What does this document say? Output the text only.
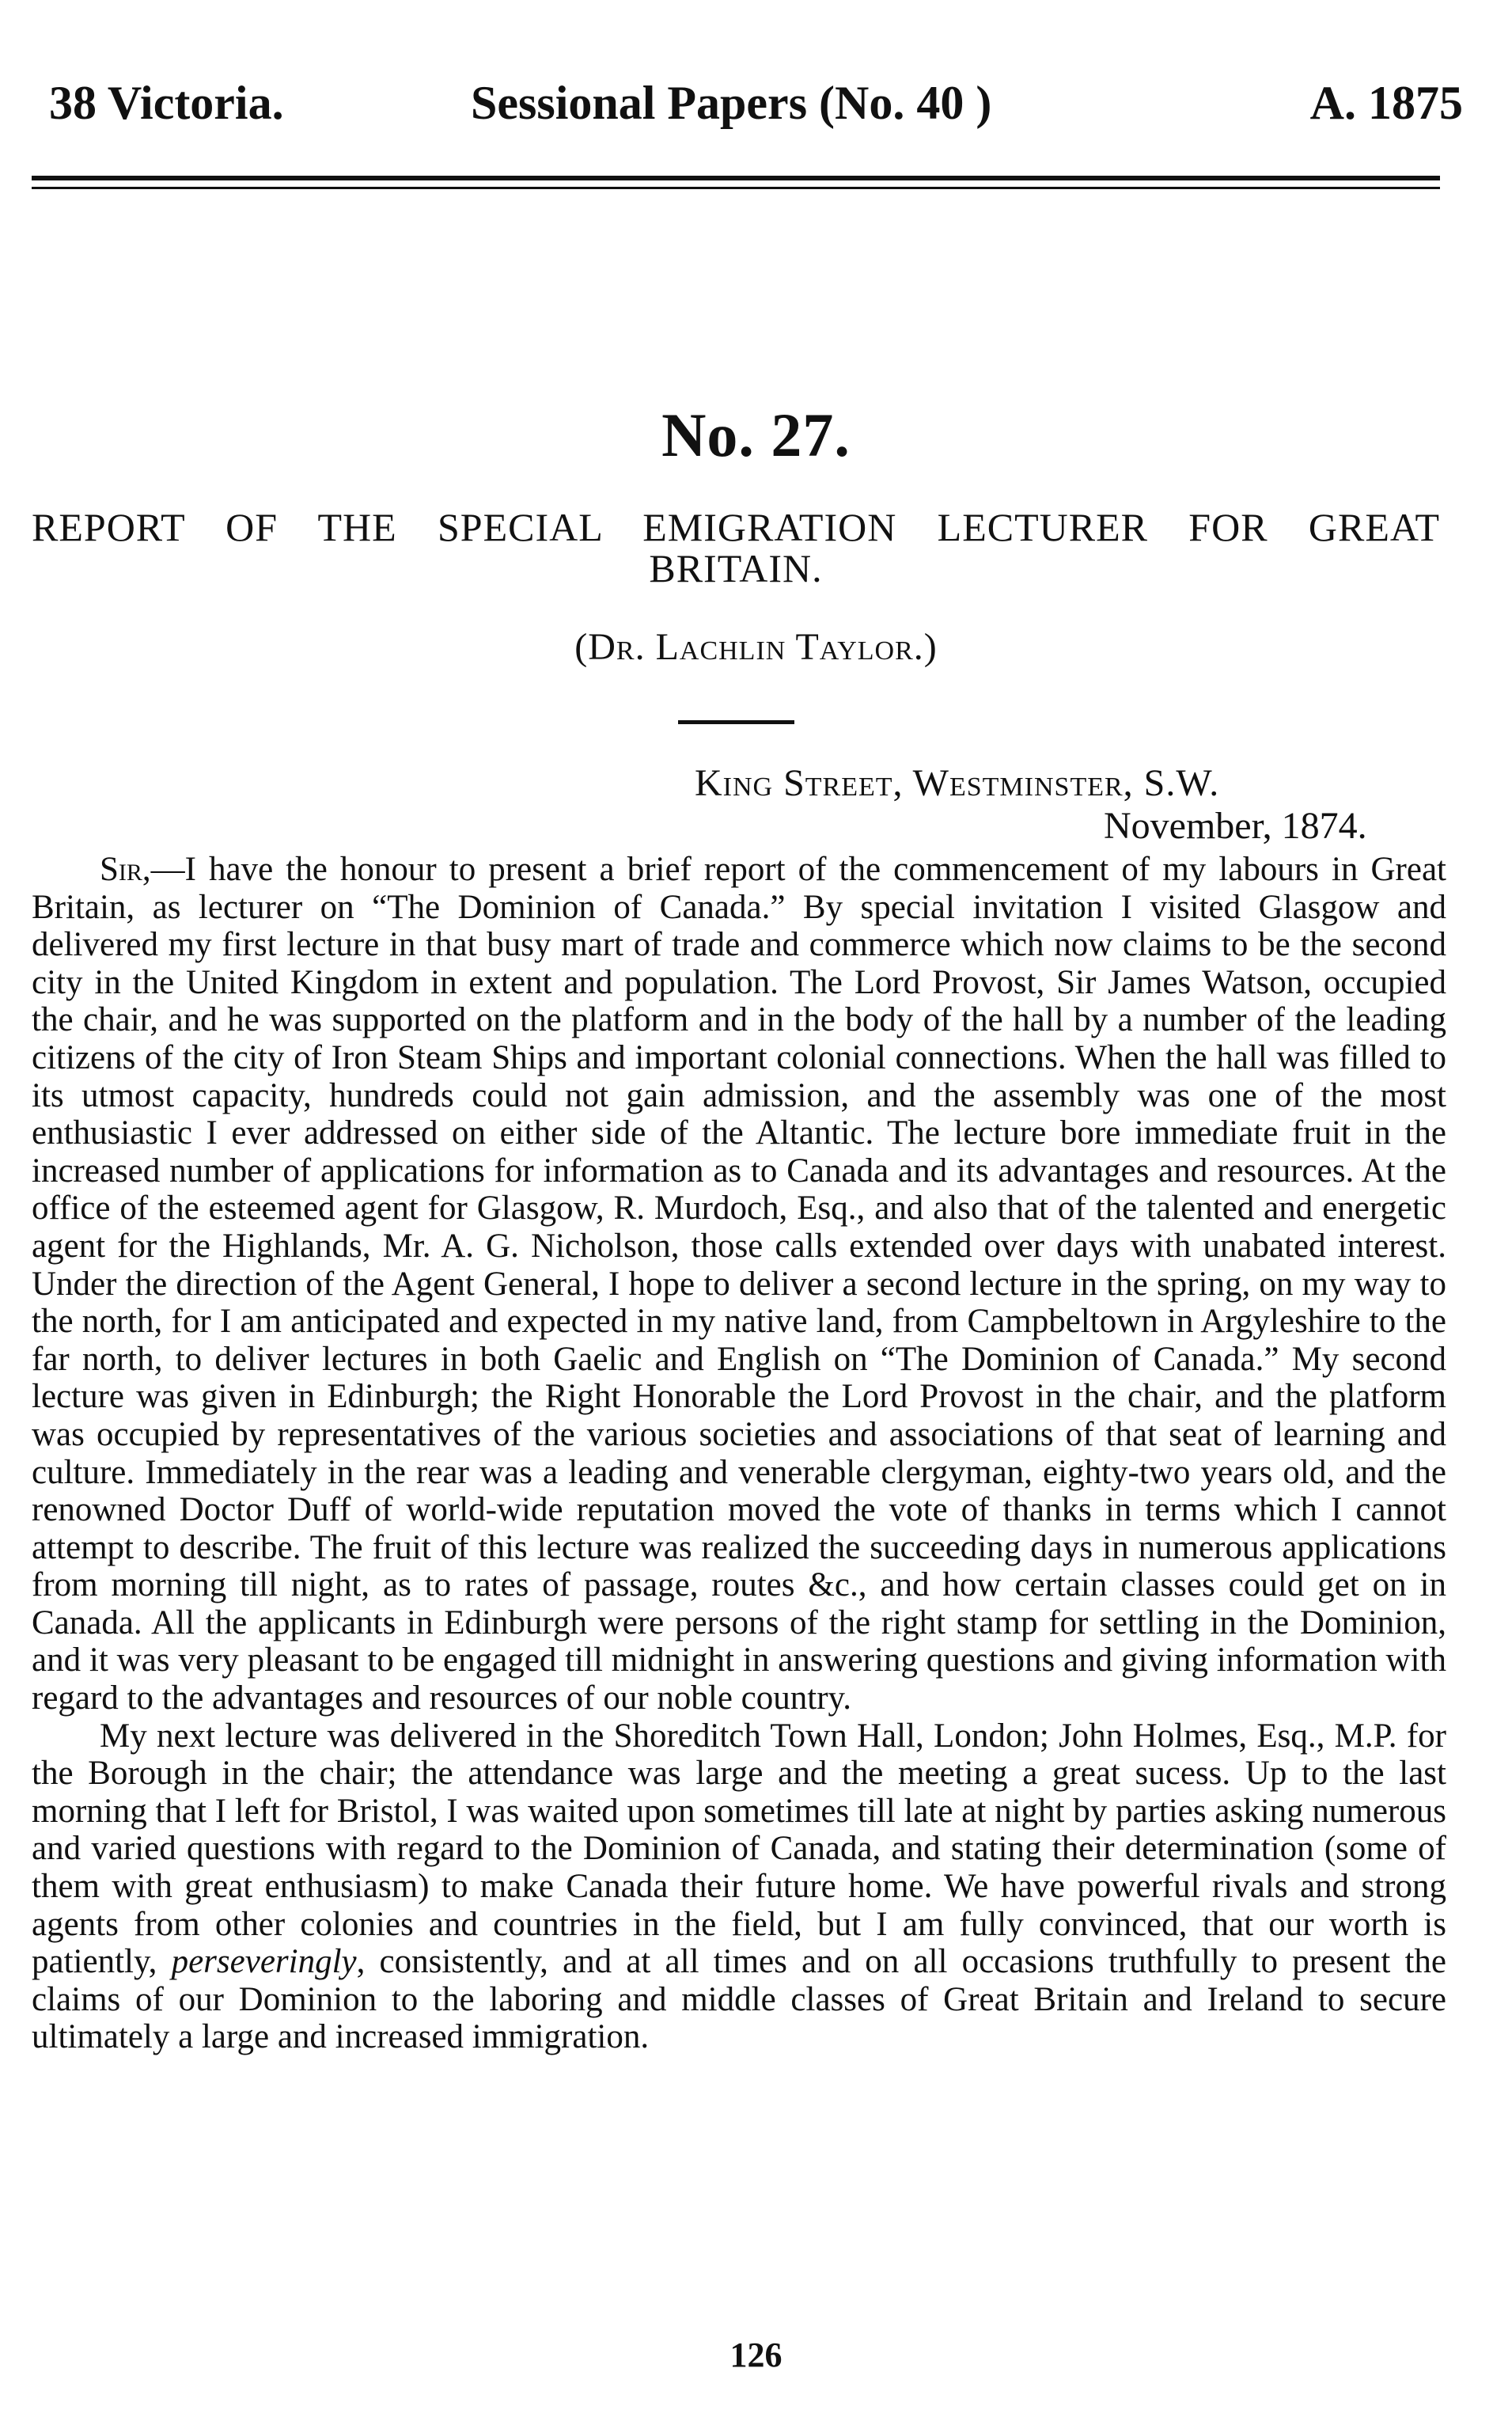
38 Victoria.	Sessional Papers (No. 40 )	A. 1875
No. 27.
REPORT OF THE SPECIAL EMIGRATION LECTURER FOR GREAT
BRITAIN.
(Dr. Lachlin Taylor.)
King Street, Westminster, S.W.
November, 1874.

Sir,—I have the honour to present a brief report of the commencement of my labours in Great Britain, as lecturer on “The Dominion of Canada.” By special invitation I visited Glasgow and delivered my first lecture in that busy mart of trade and commerce which now claims to be the second city in the United Kingdom in extent and population. The Lord Provost, Sir James Watson, occupied the chair, and he was supported on the platform and in the body of the hall by a number of the leading citizens of the city of Iron Steam Ships and important colonial connections. When the hall was filled to its utmost capacity, hundreds could not gain admission, and the assembly was one of the most enthusiastic I ever addressed on either side of the Altantic. The lecture bore immediate fruit in the increased number of applications for information as to Canada and its advantages and resources. At the office of the esteemed agent for Glasgow, R. Murdoch, Esq., and also that of the talented and energetic agent for the Highlands, Mr. A. G. Nicholson, those calls extended over days with unabated interest. Under the direction of the Agent General, I hope to deliver a second lecture in the spring, on my way to the north, for I am anticipated and expected in my native land, from Campbeltown in Argyleshire to the far north, to deliver lectures in both Gaelic and English on “The Dominion of Canada.” My second lecture was given in Edinburgh; the Right Honorable the Lord Provost in the chair, and the platform was occupied by representatives of the various societies and associations of that seat of learning and culture. Immediately in the rear was a leading and venerable clergyman, eighty-two years old, and the renowned Doctor Duff of world-wide reputation moved the vote of thanks in terms which I cannot attempt to describe. The fruit of this lecture was realized the succeeding days in numerous applications from morning till night, as to rates of passage, routes &c., and how certain classes could get on in Canada. All the applicants in Edinburgh were persons of the right stamp for settling in the Dominion, and it was very pleasant to be engaged till midnight in answering questions and giving information with regard to the advantages and resources of our noble country.

My next lecture was delivered in the Shoreditch Town Hall, London; John Holmes, Esq., M.P. for the Borough in the chair; the attendance was large and the meeting a great sucess. Up to the last morning that I left for Bristol, I was waited upon sometimes till late at night by parties asking numerous and varied questions with regard to the Dominion of Canada, and stating their determination (some of them with great enthusiasm) to make Canada their future home. We have powerful rivals and strong agents from other colonies and countries in the field, but I am fully convinced, that our worth is patiently, perseveringly, consistently, and at all times and on all occasions truthfully to present the claims of our Dominion to the laboring and middle classes of Great Britain and Ireland to secure ultimately a large and increased immigration.

126
